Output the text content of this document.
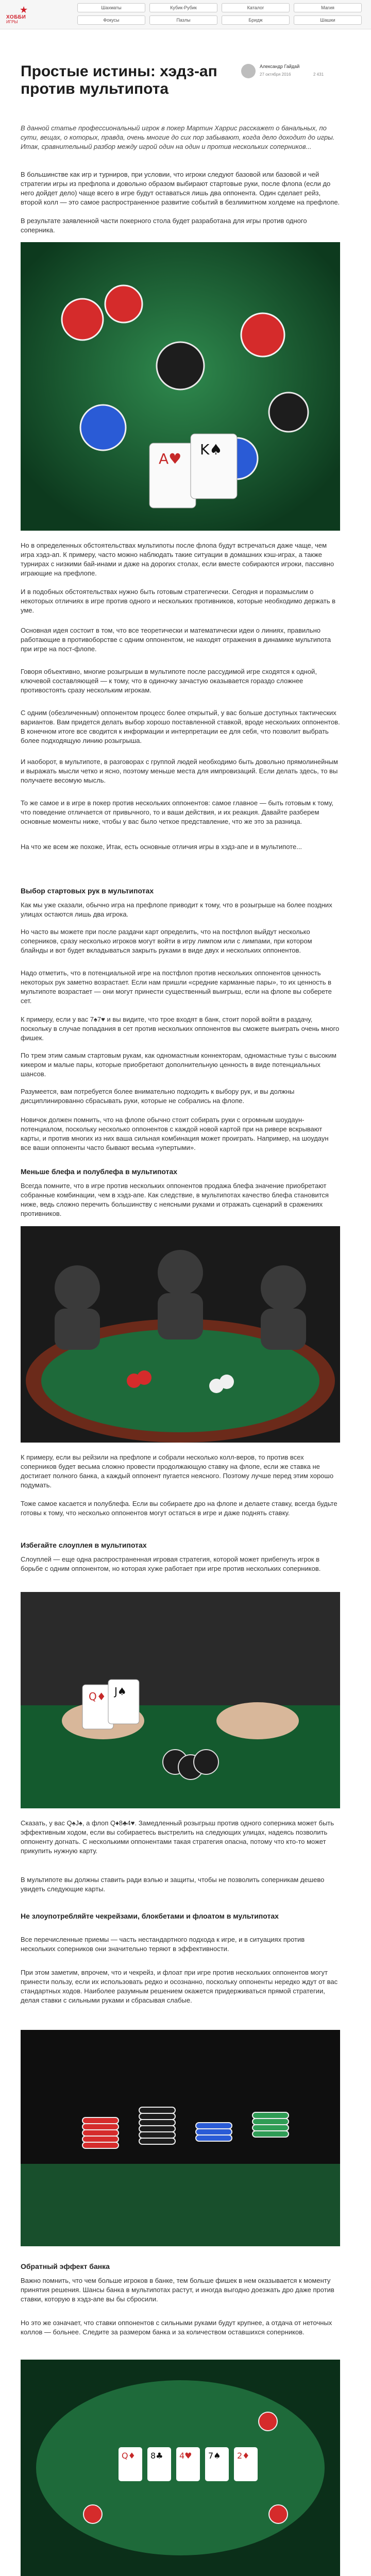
★
ХОББИ
ИГРЫ
Шахматы	Кубик-Рубик	Каталог	Магия
Фокусы	Пазлы	Бридж	Шашки
Простые истины: хэдз-ап против мультипота
Александр Гайдай
27 октября 2016	2 431
В данной статье профессиональный игрок в покер Мартин Харрис расскажет о банальных, по сути, вещах, о которых, правда, очень многие до сих пор забывают, когда дело доходит до игры. Итак, сравнительный разбор между игрой один на один и против нескольких соперников...
В большинстве как игр и турниров, при условии, что игроки следуют базовой или базовой и чей стратегии игры из префлопа и довольно образом выбирают стартовые руки, после флопа (если до него дойдет дело) чаще всего в игре будут оставаться лишь два оппонента. Один сделает рейз, второй колл — это самое распространенное развитие событий в безлимитном холдеме на префлопе.
В результате заявленной части покерного стола будет разработана для игры против одного соперника.
A♥
K♠
Но в определенных обстоятельствах мультипоты после флопа будут встречаться даже чаще, чем игра хэдз-ап. К примеру, часто можно наблюдать такие ситуации в домашних кэш-играх, а также турнирах с низкими бай-инами и даже на дорогих столах, если вместе собираются игроки, пассивно играющие на префлопе.
И в подобных обстоятельствах нужно быть готовым стратегически. Сегодня и поразмыслим о некоторых отличиях в игре против одного и нескольких противников, которые необходимо держать в уме.
Основная идея состоит в том, что все теоретически и математически идеи о линиях, правильно работающие в противоборстве с одним оппонентом, не находят отражения в динамике мультипота при игре на пост-флопе.
Говоря объективно, многие розыгрыши в мультипоте после рассудимой игре сходятся к одной, ключевой составляющей — к тому, что в одиночку зачастую оказывается гораздо сложнее противостоять сразу нескольким игрокам.
С одним (обезличенным) оппонентом процесс более открытый, у вас больше доступных тактических вариантов. Вам придется делать выбор хорошо поставленной ставкой, вроде нескольких оппонентов. В конечном итоге все сводится к информации и интерпретации ее для себя, что позволит выбрать более подходящую линию розыгрыша.
И наоборот, в мультипоте, в разговорах с группой людей необходимо быть довольно прямолинейным и выражать мысли четко и ясно, поэтому меньше места для импровизаций. Если делать здесь, то вы получаете весомую мысль.
То же самое и в игре в покер против нескольких оппонентов: самое главное — быть готовым к тому, что поведение отличается от привычного, то и ваши действия, и их реакция. Давайте разберем основные моменты ниже, чтобы у вас было четкое представление, что же это за разница.
На что же всем же похоже, Итак, есть основные отличия игры в хэдз-апе и в мультипоте...
Выбор стартовых рук в мультипотах
Как мы уже сказали, обычно игра на префлопе приводит к тому, что в розыгрыше на более поздних улицах остаются лишь два игрока.
Но часто вы можете при после раздачи карт определить, что на постфлоп выйдут несколько соперников, сразу несколько игроков могут войти в игру лимпом или с лимпами, при котором блайнды и вот будет вкладываться закрыть руками в виде двух и нескольких оппонентов.
Надо отметить, что в потенциальной игре на постфлоп против нескольких оппонентов ценность некоторых рук заметно возрастает. Если нам пришли «средние карманные пары», то их ценность в мультипоте возрастает — они могут принести существенный выигрыш, если на флопе вы соберете сет.
К примеру, если у вас 7♠7♥ и вы видите, что трое входят в банк, стоит порой войти в раздачу, поскольку в случае попадания в сет против нескольких оппонентов вы сможете выиграть очень много фишек.
По трем этим самым стартовым рукам, как одномастным коннекторам, одномастные тузы с высоким кикером и малые пары, которые приобретают дополнительную ценность в виде потенциальных шансов.
Разумеется, вам потребуется более внимательно подходить к выбору рук, и вы должны дисциплинированно сбрасывать руки, которые не собрались на флопе.
Новичок должен помнить, что на флопе обычно стоит собирать руки с огромным шоудаун-потенциалом, поскольку несколько оппонентов с каждой новой картой при на ривере вскрывают карты, и против многих из них ваша сильная комбинация может проиграть. Например, на шоудаун все ваши оппоненты часто бывают весьма «упертыми».
Меньше блефа и полублефа в мультипотах
Всегда помните, что в игре против нескольких оппонентов продажа блефа значение приобретают собранные комбинации, чем в хэдз-апе. Как следствие, в мультипотах качество блефа становится ниже, ведь сложно перечить большинству с неясными руками и отражать сценарий в сражениях противников.
К примеру, если вы рейзили на префлопе и собрали несколько колл-веров, то против всех соперников будет весьма сложно провести продолжающую ставку на флопе, если же ставка не достигает полного банка, а каждый оппонент пугается неясного. Поэтому лучше перед этим хорошо подумать.
Тоже самое касается и полублефа. Если вы собираете дро на флопе и делаете ставку, всегда будьте готовы к тому, что несколько оппонентов могут остаться в игре и даже поднять ставку.
Избегайте слоуплея в мультипотах
Слоуплей — еще одна распространенная игровая стратегия, которой может прибегнуть игрок в борьбе с одним оппонентом, но которая хуже работает при игре против нескольких соперников.
Q♦ J♠
Сказать, у вас Q♠J♠, а флоп Q♦8♣4♥. Замедленный розыгрыш против одного соперника может быть эффективным ходом, если вы собираетесь выстрелить на следующих улицах, надеясь позволить оппоненту догнать. С несколькими оппонентами такая стратегия опасна, потому что кто-то может прикупить нужную карту.
В мультипоте вы должны ставить ради вэлью и защиты, чтобы не позволить соперникам дешево увидеть следующие карты.
Не злоупотребляйте чекрейзами, блокбетами и флоатом в мультипотах
Все перечисленные приемы — часть нестандартного подхода к игре, и в ситуациях против нескольких соперников они значительно теряют в эффективности.
При этом заметим, впрочем, что и чекрейз, и флоат при игре против нескольких оппонентов могут принести пользу, если их использовать редко и осознанно, поскольку оппоненты нередко ждут от вас стандартных ходов. Наиболее разумным решением окажется придерживаться прямой стратегии, делая ставки с сильными руками и сбрасывая слабые.
Обратный эффект банка
Важно помнить, что чем больше игроков в банке, тем больше фишек в нем оказывается к моменту принятия решения. Шансы банка в мультипотах растут, и иногда выгодно доезжать дро даже против ставки, которую в хэдз-апе вы бы сбросили.
Но это же означает, что ставки оппонентов с сильными руками будут крупнее, а отдача от неточных коллов — больнее. Следите за размером банка и за количеством оставшихся соперников.
Q♦ 8♣ 4♥ 7♠ 2♦
